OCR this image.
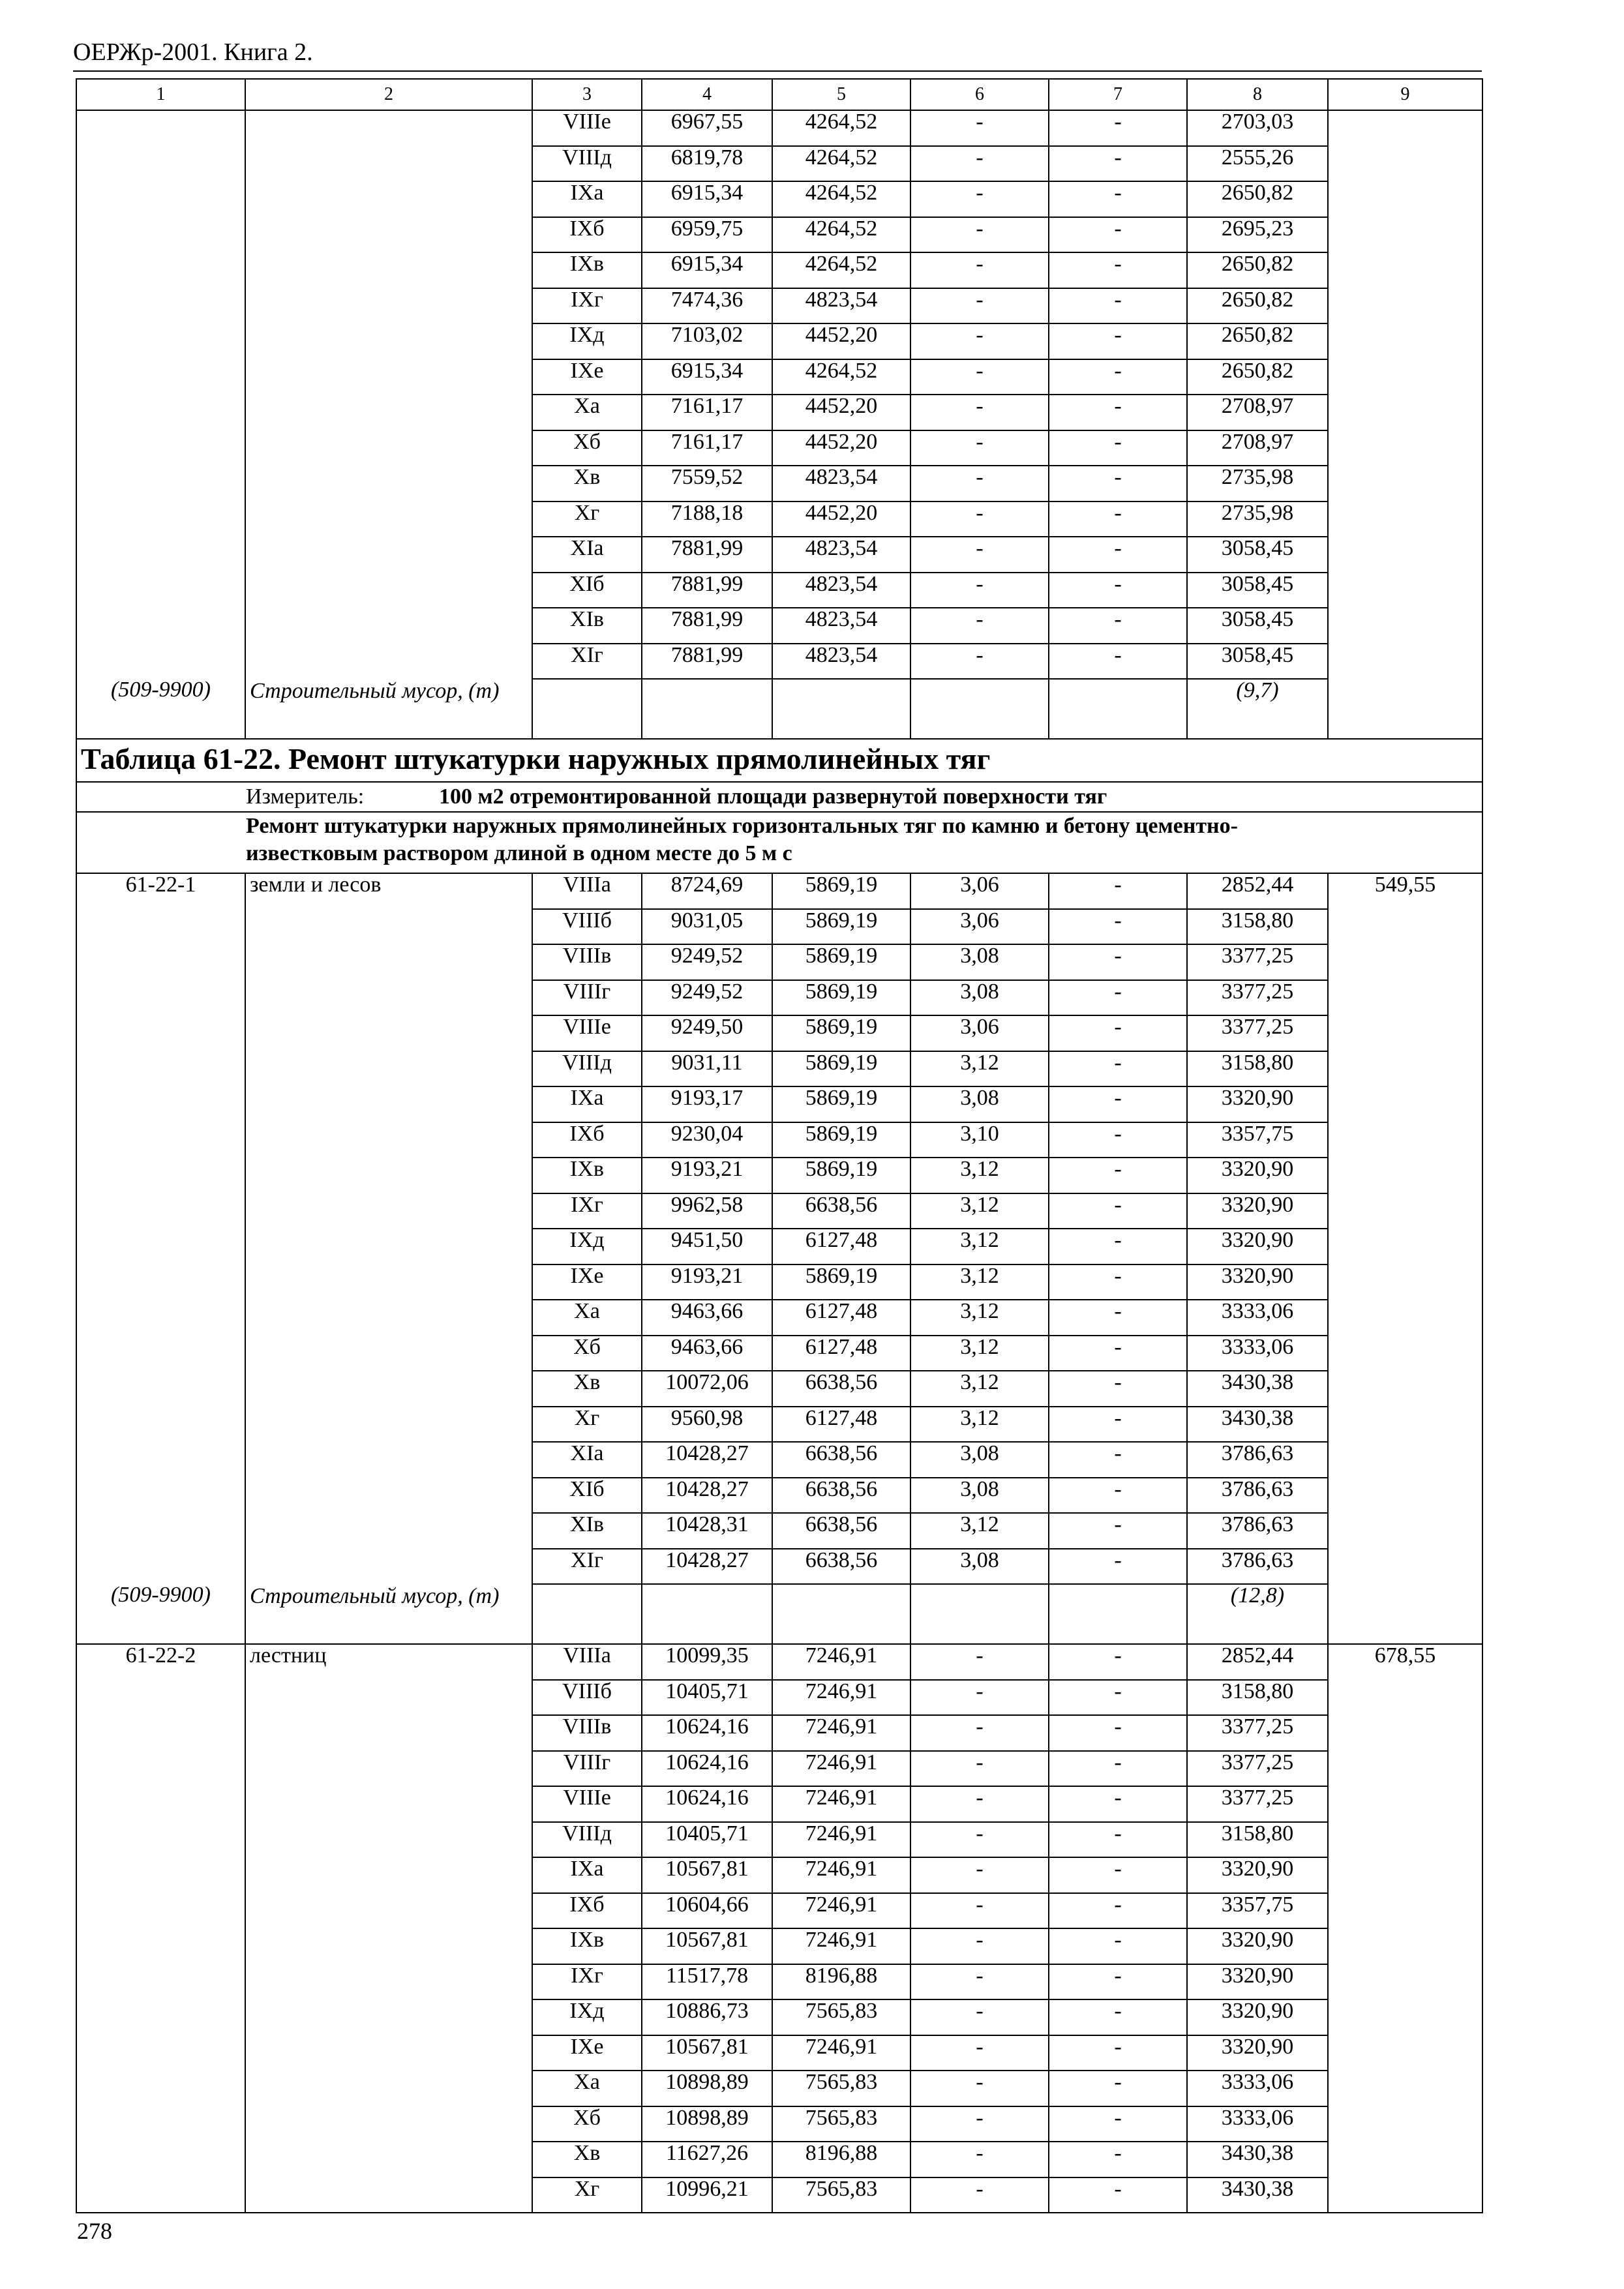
ОЕРЖр-2001. Книга 2.
1	2	3	4	5	6	7	8	9
		VIIIе	6967,55	4264,52	-	-	2703,03	
		VIIIд	6819,78	4264,52	-	-	2555,26	
		IXа	6915,34	4264,52	-	-	2650,82	
		IXб	6959,75	4264,52	-	-	2695,23	
		IXв	6915,34	4264,52	-	-	2650,82	
		IXг	7474,36	4823,54	-	-	2650,82	
		IXд	7103,02	4452,20	-	-	2650,82	
		IXе	6915,34	4264,52	-	-	2650,82	
		Xа	7161,17	4452,20	-	-	2708,97	
		Xб	7161,17	4452,20	-	-	2708,97	
		Xв	7559,52	4823,54	-	-	2735,98	
		Xг	7188,18	4452,20	-	-	2735,98	
		XIа	7881,99	4823,54	-	-	3058,45	
		XIб	7881,99	4823,54	-	-	3058,45	
		XIв	7881,99	4823,54	-	-	3058,45	
		XIг	7881,99	4823,54	-	-	3058,45	
(509-9900)	Строительный мусор, (т)						(9,7)	
Таблица 61-22. Ремонт штукатурки наружных прямолинейных тяг								
Измеритель: 100 м2 отремонтированной площади развернутой поверхности тяг								

Ремонт штукатурки наружных прямолинейных горизонтальных тяг по камню и бетону цементно-известковым раствором длиной в одном месте до 5 м с								

61-22-1	земли и лесов	VIIIа	8724,69	5869,19	3,06	-	2852,44	549,55
		VIIIб	9031,05	5869,19	3,06	-	3158,80	
		VIIIв	9249,52	5869,19	3,08	-	3377,25	
		VIIIг	9249,52	5869,19	3,08	-	3377,25	
		VIIIе	9249,50	5869,19	3,06	-	3377,25	
		VIIIд	9031,11	5869,19	3,12	-	3158,80	
		IXа	9193,17	5869,19	3,08	-	3320,90	
		IXб	9230,04	5869,19	3,10	-	3357,75	
		IXв	9193,21	5869,19	3,12	-	3320,90	
		IXг	9962,58	6638,56	3,12	-	3320,90	
		IXд	9451,50	6127,48	3,12	-	3320,90	
		IXе	9193,21	5869,19	3,12	-	3320,90	
		Xа	9463,66	6127,48	3,12	-	3333,06	
		Xб	9463,66	6127,48	3,12	-	3333,06	
		Xв	10072,06	6638,56	3,12	-	3430,38	
		Xг	9560,98	6127,48	3,12	-	3430,38	
		XIа	10428,27	6638,56	3,08	-	3786,63	
		XIб	10428,27	6638,56	3,08	-	3786,63	
		XIв	10428,31	6638,56	3,12	-	3786,63	
		XIг	10428,27	6638,56	3,08	-	3786,63	
(509-9900)	Строительный мусор, (т)						(12,8)	
61-22-2	лестниц	VIIIа	10099,35	7246,91	-	-	2852,44	678,55
		VIIIб	10405,71	7246,91	-	-	3158,80	
		VIIIв	10624,16	7246,91	-	-	3377,25	
		VIIIг	10624,16	7246,91	-	-	3377,25	
		VIIIе	10624,16	7246,91	-	-	3377,25	
		VIIIд	10405,71	7246,91	-	-	3158,80	
		IXа	10567,81	7246,91	-	-	3320,90	
		IXб	10604,66	7246,91	-	-	3357,75	
		IXв	10567,81	7246,91	-	-	3320,90	
		IXг	11517,78	8196,88	-	-	3320,90	
		IXд	10886,73	7565,83	-	-	3320,90	
		IXе	10567,81	7246,91	-	-	3320,90	
		Xа	10898,89	7565,83	-	-	3333,06	
		Xб	10898,89	7565,83	-	-	3333,06	
		Xв	11627,26	8196,88	-	-	3430,38	
		Xг	10996,21	7565,83	-	-	3430,38	
278
